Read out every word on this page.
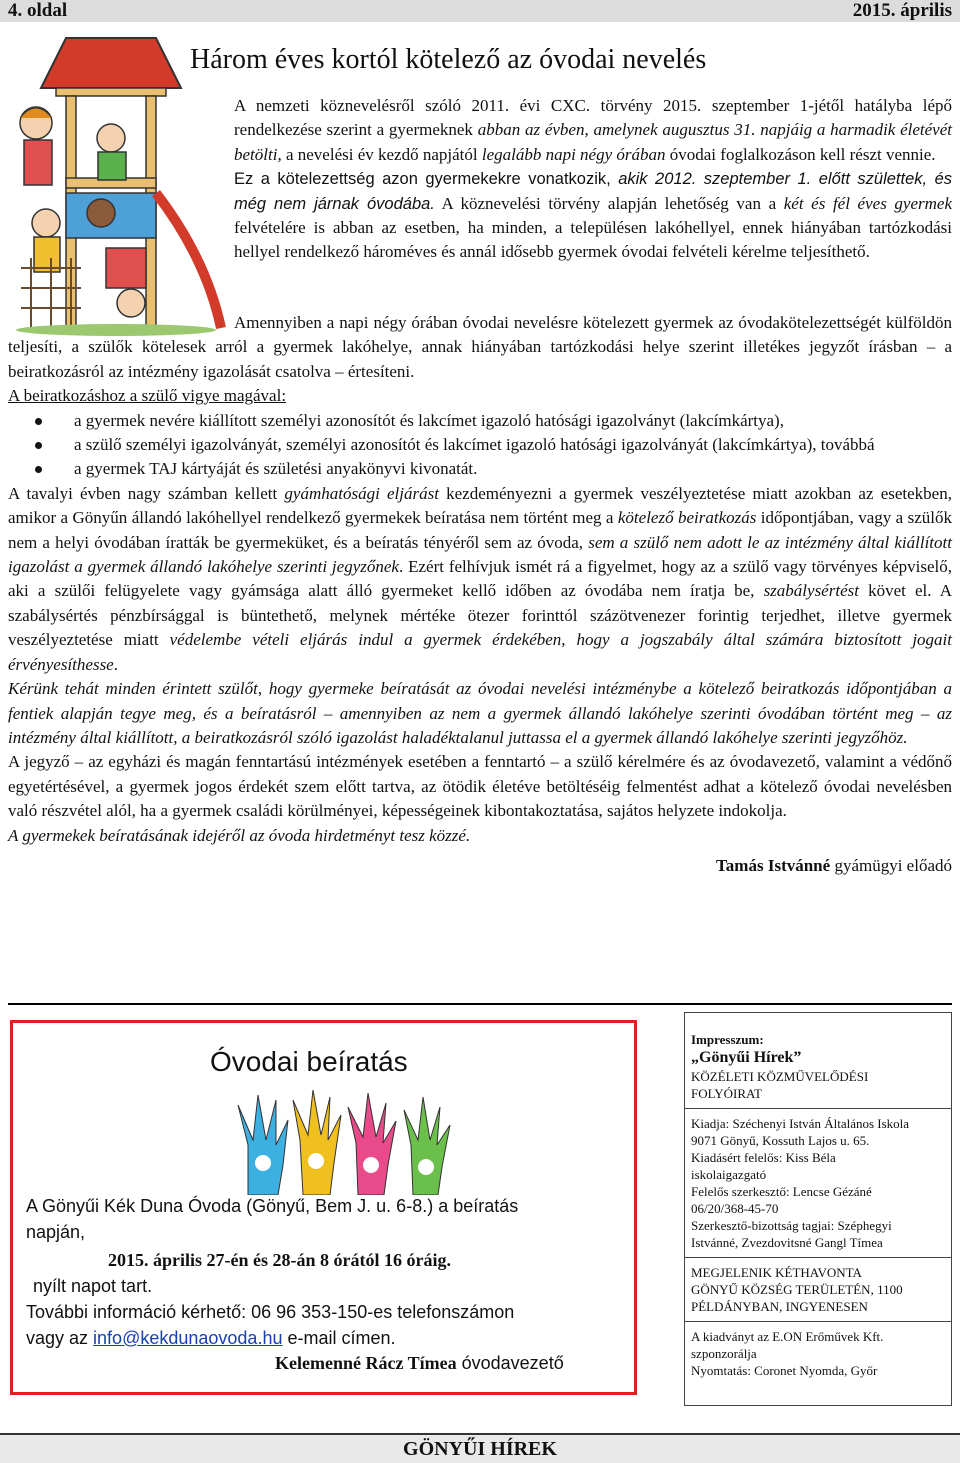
4. oldal	2015. április
Három éves kortól kötelező az óvodai nevelés

A nemzeti köznevelésről szóló 2011. évi CXC. törvény 2015. szeptember 1-jétől hatályba lépő rendelkezése szerint a gyermeknek abban az évben, amelynek augusztus 31. napjáig a harmadik életévét betölti, a nevelési év kezdő napjától legalább napi négy órában óvodai foglalkozáson kell részt vennie.

Ez a kötelezettség azon gyermekekre vonatkozik, akik 2012. szeptember 1. előtt születtek, és még nem járnak óvodába. A köznevelési törvény alapján lehetőség van a két és fél éves gyermek felvételére is abban az esetben, ha minden, a településen lakóhellyel, ennek hiányában tartózkodási hellyel rendelkező hároméves és annál idősebb gyermek óvodai felvételi kérelme teljesíthető.

Amennyiben a napi négy órában óvodai nevelésre kötelezett gyermek az óvodakötelezettségét külföldön teljesíti, a szülők kötelesek arról a gyermek lakóhelye, annak hiányában tartózkodási helye szerint illetékes jegyzőt írásban – a beiratkozásról az intézmény igazolását csatolva – értesíteni.

A beiratkozáshoz a szülő vigye magával:

a gyermek nevére kiállított személyi azonosítót és lakcímet igazoló hatósági igazolványt (lakcímkártya),
a szülő személyi igazolványát, személyi azonosítót és lakcímet igazoló hatósági igazolványát (lakcímkártya), továbbá
a gyermek TAJ kártyáját és születési anyakönyvi kivonatát.

A tavalyi évben nagy számban kellett gyámhatósági eljárást kezdeményezni a gyermek veszélyeztetése miatt azokban az esetekben, amikor a Gönyűn állandó lakóhellyel rendelkező gyermekek beíratása nem történt meg a kötelező beiratkozás időpontjában, vagy a szülők nem a helyi óvodában íratták be gyermeküket, és a beíratás tényéről sem az óvoda, sem a szülő nem adott le az intézmény által kiállított igazolást a gyermek állandó lakóhelye szerinti jegyzőnek. Ezért felhívjuk ismét rá a figyelmet, hogy az a szülő vagy törvényes képviselő, aki a szülői felügyelete vagy gyámsága alatt álló gyermeket kellő időben az óvodába nem íratja be, szabálysértést követ el. A szabálysértés pénzbírsággal is büntethető, melynek mértéke ötezer forinttól százötvenezer forintig terjedhet, illetve gyermek veszélyeztetése miatt védelembe vételi eljárás indul a gyermek érdekében, hogy a jogszabály által számára biztosított jogait érvényesíthesse.

Kérünk tehát minden érintett szülőt, hogy gyermeke beíratását az óvodai nevelési intézménybe a kötelező beiratkozás időpontjában a fentiek alapján tegye meg, és a beíratásról – amennyiben az nem a gyermek állandó lakóhelye szerinti óvodában történt meg – az intézmény által kiállított, a beiratkozásról szóló igazolást haladéktalanul juttassa el a gyermek állandó lakóhelye szerinti jegyzőhöz.

A jegyző – az egyházi és magán fenntartású intézmények esetében a fenntartó – a szülő kérelmére és az óvodavezető, valamint a védőnő egyetértésével, a gyermek jogos érdekét szem előtt tartva, az ötödik életéve betöltéséig felmentést adhat a kötelező óvodai nevelésben való részvétel alól, ha a gyermek családi körülményei, képességeinek kibontakoztatása, sajátos helyzete indokolja.

A gyermekek beíratásának idejéről az óvoda hirdetményt tesz közzé.

Tamás Istvánné gyámügyi előadó

Óvodai beíratás
A Gönyűi Kék Duna Óvoda (Gönyű, Bem J. u. 6-8.) a beíratás
napján,
2015. április 27-én és 28-án 8 órától 16 óráig.
nyílt napot tart.
További információ kérhető: 06 96 353-150-es telefonszámon
vagy az info@kekdunaovoda.hu e-mail címen.
Kelemenné Rácz Tímea óvodavezető

Impresszum:

„Gönyűi Hírek”

KÖZÉLETI KÖZMŰVELŐDÉSI

FOLYÓIRAT

Kiadja: Széchenyi István Általános Iskola

9071 Gönyű, Kossuth Lajos u. 65.

Kiadásért felelős: Kiss Béla

iskolaigazgató

Felelős szerkesztő: Lencse Gézáné

06/20/368-45-70

Szerkesztő-bizottság tagjai: Széphegyi

Istvánné, Zvezdovitsné Gangl Tímea

MEGJELENIK KÉTHAVONTA

GÖNYŰ KÖZSÉG TERÜLETÉN, 1100

PÉLDÁNYBAN, INGYENESEN

A kiadványt az E.ON Erőművek Kft.

szponzorálja

Nyomtatás: Coronet Nyomda, Győr

GÖNYŰI HÍREK
